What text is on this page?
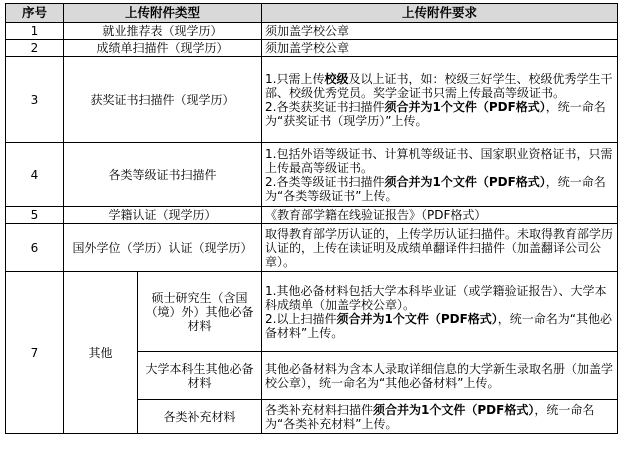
序号	上传附件类型		上传附件要求
1	就业推荐表（现学历）		须加盖学校公章
2	成绩单扫描件（现学历）		须加盖学校公章
3	获奖证书扫描件（现学历）		1.只需上传校级及以上证书，如：校级三好学生、校级优秀学生干部、校级优秀党员。奖学金证书只需上传最高等级证书。
2.各类获奖证书扫描件须合并为1个文件（PDF格式），统一命名为“获奖证书（现学历）”上传。
4	各类等级证书扫描件		1.包括外语等级证书、计算机等级证书、国家职业资格证书，只需上传最高等级证书。
2.各类等级证书扫描件须合并为1个文件（PDF格式），统一命名为“各类等级证书”上传。
5	学籍认证（现学历）		《教育部学籍在线验证报告》（PDF格式）
6	国外学位（学历）认证（现学历）		取得教育部学历认证的，上传学历认证扫描件。未取得教育部学历认证的，上传在读证明及成绩单翻译件扫描件（加盖翻译公司公章）。
7	其他	硕士研究生（含国（境）外）其他必备材料	1.其他必备材料包括大学本科毕业证（或学籍验证报告）、大学本科成绩单（加盖学校公章）。
2.以上扫描件须合并为1个文件（PDF格式），统一命名为“其他必备材料”上传。
		大学本科生其他必备材料	其他必备材料为含本人录取详细信息的大学新生录取名册（加盖学校公章），统一命名为“其他必备材料”上传。
		各类补充材料	各类补充材料扫描件须合并为1个文件（PDF格式），统一命名为“各类补充材料”上传。
